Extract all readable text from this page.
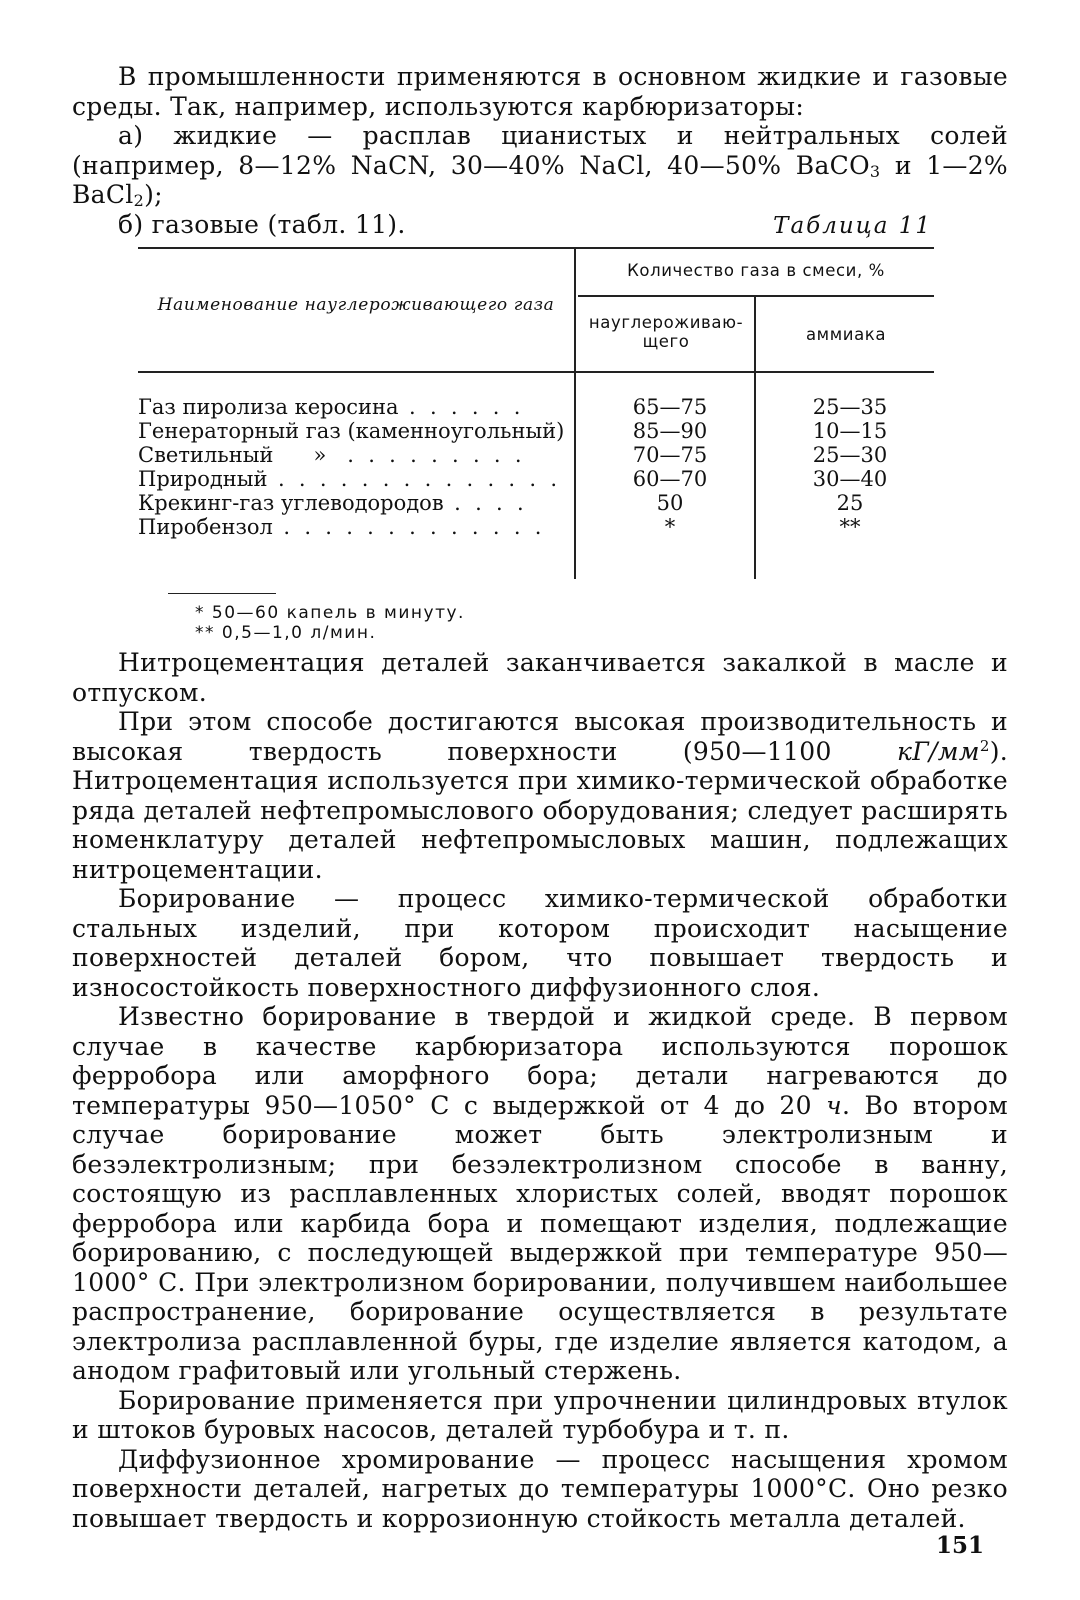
В промышленности применяются в основном жидкие и газовые среды. Так, например, используются карбюризаторы:

а) жидкие — расплав цианистых и нейтральных солей (например, 8—12% NaCN, 30—40% NaCl, 40—50% BaCO$_3$ и 1—2% BaCl$_2$);

б) газовые (табл. 11).	Таблица 11
Наименование науглероживающего газа
Количество газа в смеси, %
науглероживаю-щего	аммиака
Газ пиролиза керосина . . . . . .	65—75	25—35
Генераторный газ (каменноугольный)	85—90	10—15
Светильный      »  . . . . . . . . .	70—75	25—30
Природный . . . . . . . . . . . . . .	60—70	30—40
Крекинг-газ углеводородов . . . .	50	25
Пиробензол . . . . . . . . . . . . .	*	**
* 50—60 капель в минуту.
** 0,5—1,0 л/мин.

Нитроцементация деталей заканчивается закалкой в масле и отпуском.

При этом способе достигаются высокая производительность и высокая твердость поверхности (950—1100 $кГ/мм^2$). Нитроцементация используется при химико-термической обработке ряда деталей нефтепромыслового оборудования; следует расширять номенклатуру деталей нефтепромысловых машин, подлежащих нитроцементации.

Борирование — процесс химико-термической обработки стальных изделий, при котором происходит насыщение поверхностей деталей бором, что повышает твердость и износостойкость поверхностного диффузионного слоя.

Известно борирование в твердой и жидкой среде. В первом случае в качестве карбюризатора используются порошок ферробора или аморфного бора; детали нагреваются до температуры 950—1050° С с выдержкой от 4 до 20 ч. Во втором случае борирование может быть электролизным и безэлектролизным; при безэлектролизном способе в ванну, состоящую из расплавленных хлористых солей, вводят порошок ферробора или карбида бора и помещают изделия, подлежащие борированию, с последующей выдержкой при температуре 950—1000° С. При электролизном борировании, получившем наибольшее распространение, борирование осуществляется в результате электролиза расплавленной буры, где изделие является катодом, а анодом графитовый или угольный стержень.

Борирование применяется при упрочнении цилиндровых втулок и штоков буровых насосов, деталей турбобура и т. п.

Диффузионное хромирование — процесс насыщения хромом поверхности деталей, нагретых до температуры 1000°С. Оно резко повышает твердость и коррозионную стойкость металла деталей.

151
